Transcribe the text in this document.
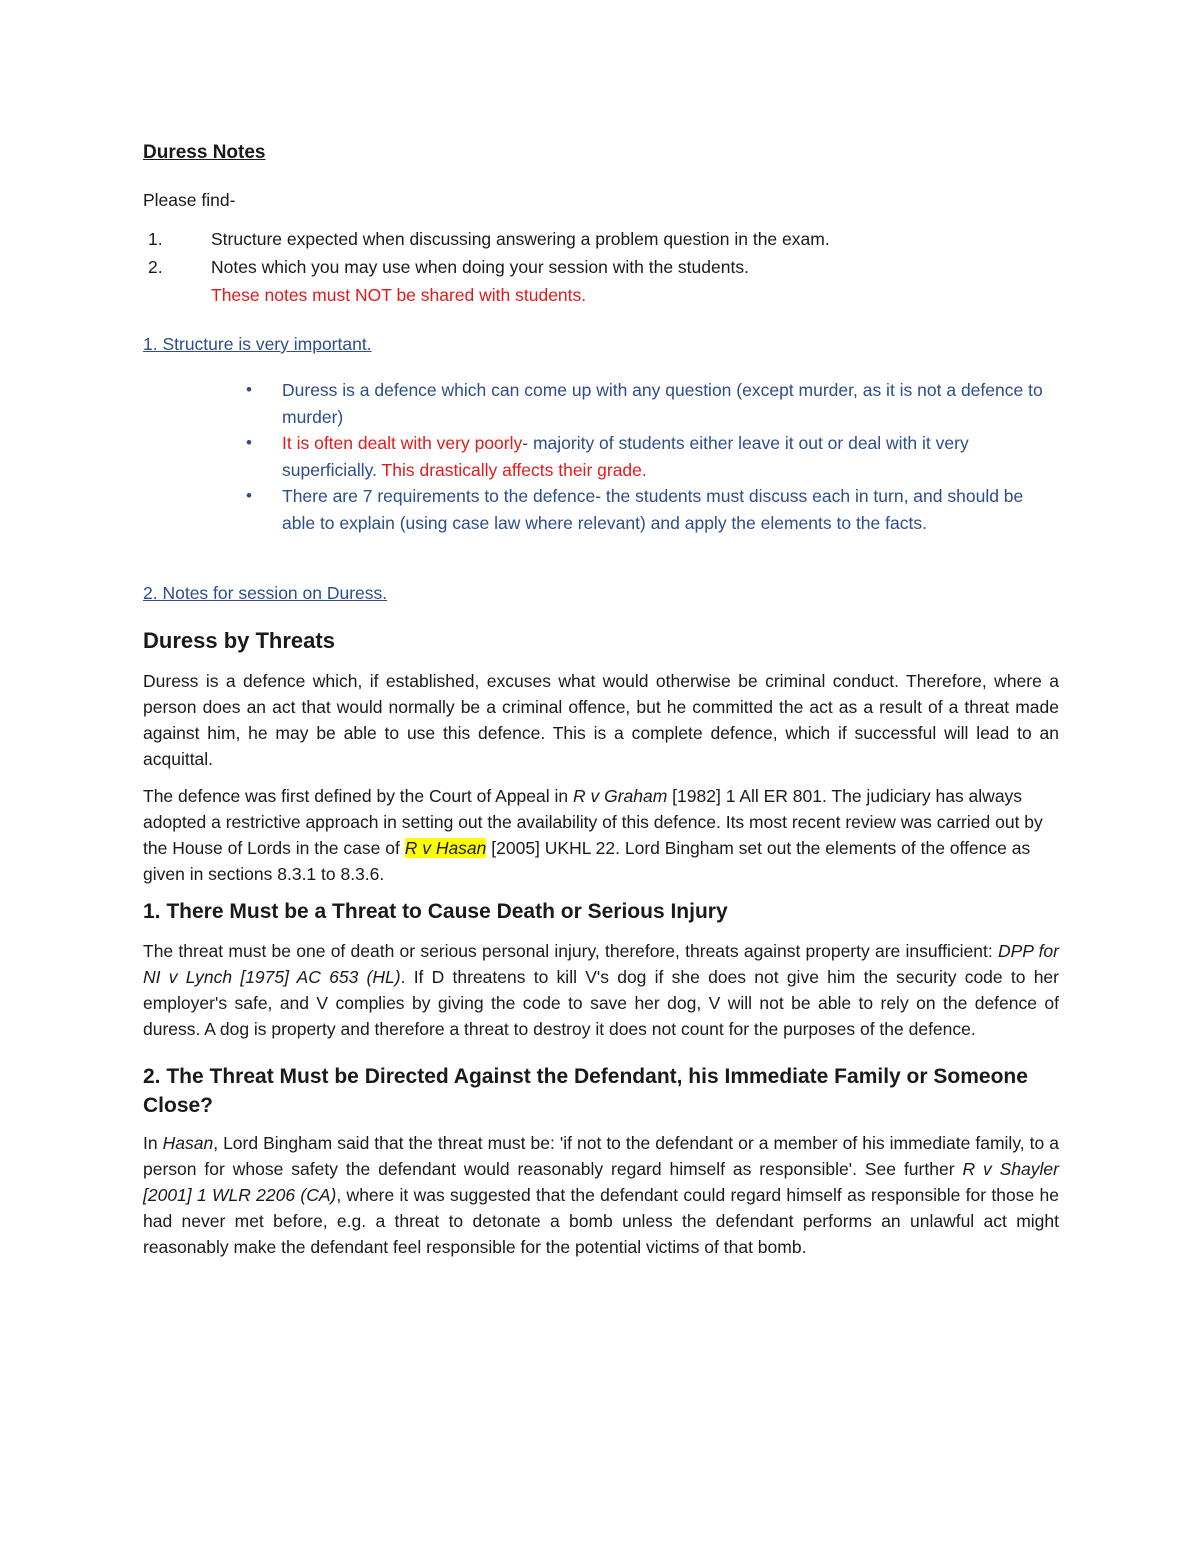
Duress Notes

Please find-

1.	Structure expected when discussing answering a problem question in the exam.
2.	Notes which you may use when doing your session with the students.
These notes must NOT be shared with students.
1. Structure is very important.
• Duress is a defence which can come up with any question (except murder, as it is not a defence to murder)
• It is often dealt with very poorly- majority of students either leave it out or deal with it very superficially. This drastically affects their grade.
• There are 7 requirements to the defence- the students must discuss each in turn, and should be able to explain (using case law where relevant) and apply the elements to the facts.
2. Notes for session on Duress.
Duress by Threats

Duress is a defence which, if established, excuses what would otherwise be criminal conduct. Therefore, where a person does an act that would normally be a criminal offence, but he committed the act as a result of a threat made against him, he may be able to use this defence. This is a complete defence, which if successful will lead to an acquittal.

The defence was first defined by the Court of Appeal in R v Graham [1982] 1 All ER 801. The judiciary has always adopted a restrictive approach in setting out the availability of this defence. Its most recent review was carried out by the House of Lords in the case of R v Hasan [2005] UKHL 22. Lord Bingham set out the elements of the offence as given in sections 8.3.1 to 8.3.6.

1. There Must be a Threat to Cause Death or Serious Injury

The threat must be one of death or serious personal injury, therefore, threats against property are insufficient: DPP for NI v Lynch [1975] AC 653 (HL). If D threatens to kill V's dog if she does not give him the security code to her employer's safe, and V complies by giving the code to save her dog, V will not be able to rely on the defence of duress. A dog is property and therefore a threat to destroy it does not count for the purposes of the defence.

2. The Threat Must be Directed Against the Defendant, his Immediate Family or Someone Close?

In Hasan, Lord Bingham said that the threat must be: 'if not to the defendant or a member of his immediate family, to a person for whose safety the defendant would reasonably regard himself as responsible'. See further R v Shayler [2001] 1 WLR 2206 (CA), where it was suggested that the defendant could regard himself as responsible for those he had never met before, e.g. a threat to detonate a bomb unless the defendant performs an unlawful act might reasonably make the defendant feel responsible for the potential victims of that bomb.
